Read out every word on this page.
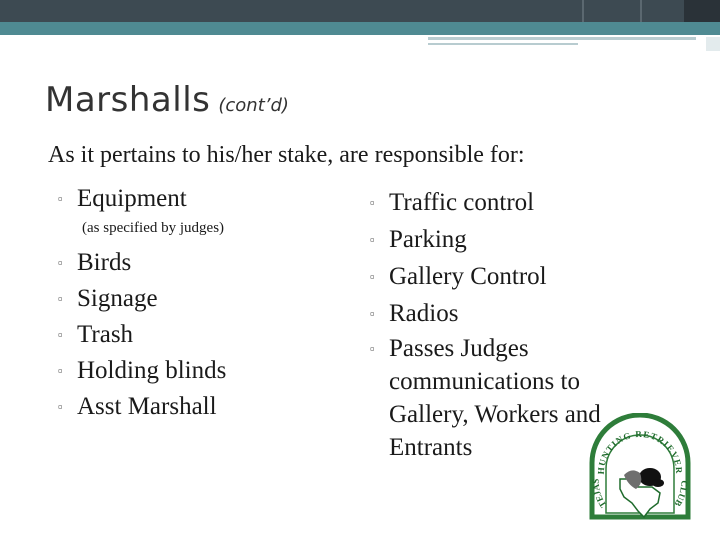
Marshalls (cont’d)

As it pertains to his/her stake, are responsible for:

▫ Equipment
(as specified by judges)
▫ Birds
▫ Signage
▫ Trash
▫ Holding blinds
▫ Asst Marshall
▫ Traffic control
▫ Parking
▫ Gallery Control
▫ Radios
▫ Passes Judges communications to Gallery, Workers and Entrants
HUNTING RETRIEVER
TEJAS	CLUB
